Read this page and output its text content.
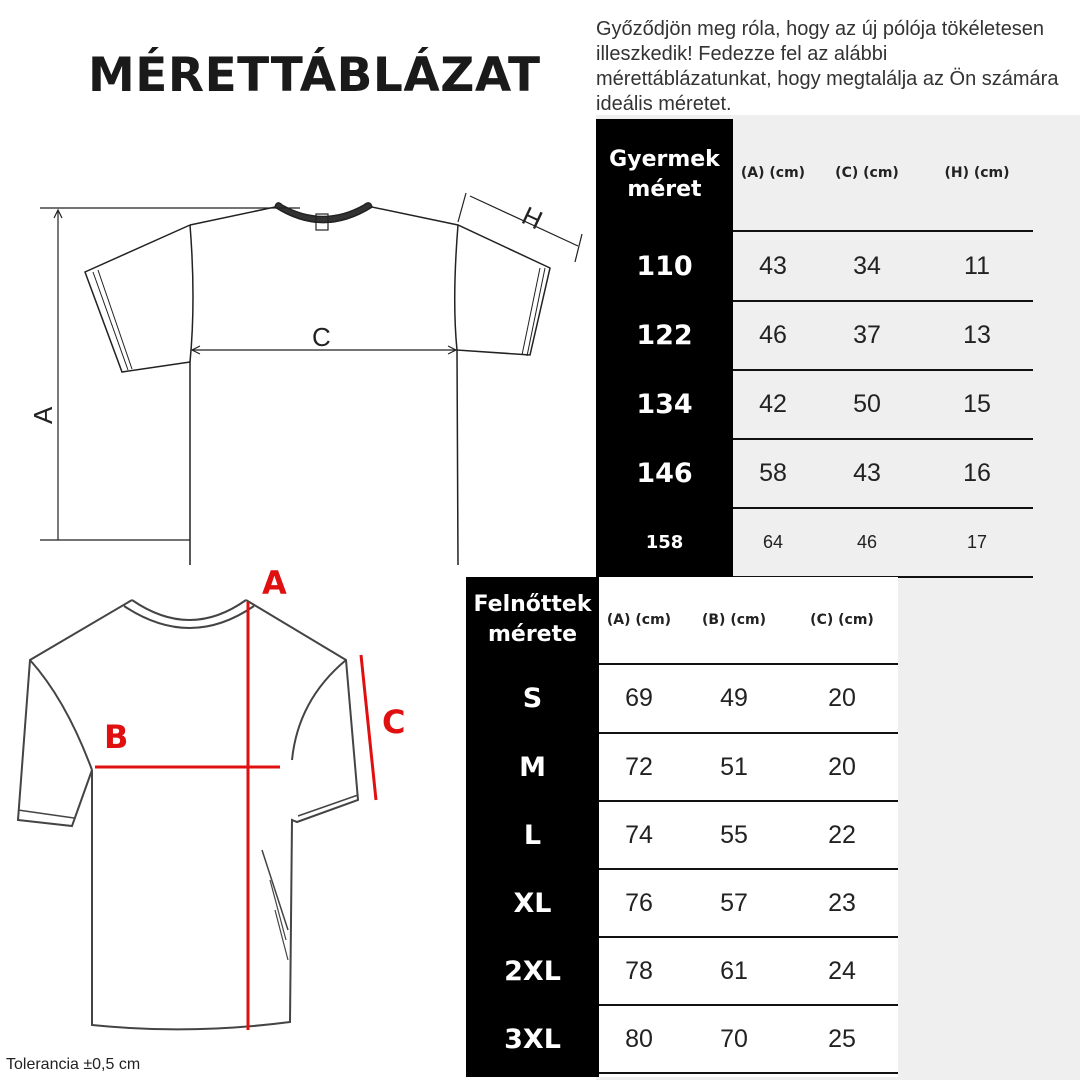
MÉRETTÁBLÁZAT
Győződjön meg róla, hogy az új pólója tökéletesen illeszkedik! Fedezze fel az alábbi mérettáblázatunkat, hogy megtalálja az Ön számára ideális méretet.
C
A
H
A
B	C
Tolerancia ±0,5 cm
Gyermek
méret
(A) (cm)	(C) (cm)	(H) (cm)
110	43	34	11
122	46	37	13
134	42	50	15
146	58	43	16
158	64	46	17
Felnőttek
mérete
(A) (cm)	(B) (cm)	(C) (cm)
S	69	49	20
M	72	51	20
L	74	55	22
XL	76	57	23
2XL	78	61	24
3XL	80	70	25
